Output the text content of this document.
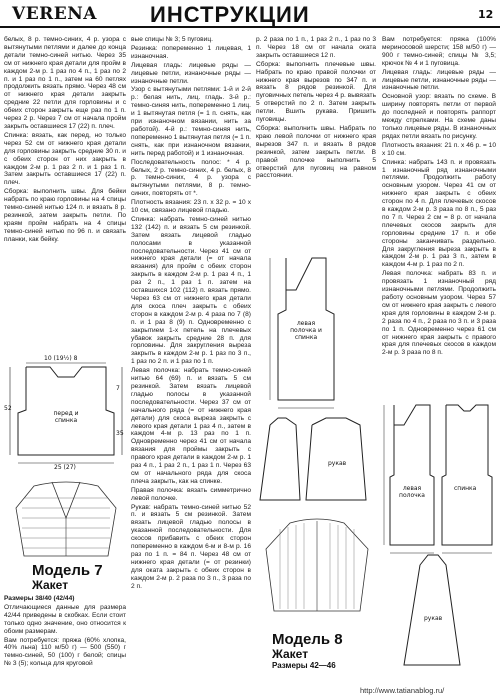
VERENA ИНСТРУКЦИИ	12

белых, 8 р. темно-синих, 4 р. узора с вытянутыми петлями и далее до конца детали темно-синей нитью. Через 35 см от нижнего края детали для пройм в каждом 2-м р. 1 раз по 4 п., 1 раз по 2 п. и 1 раз по 1 п., затем на 60 петлях продолжить вязать прямо. Через 48 см от нижнего края детали закрыть средние 22 петли для горловины и с обеих сторон закрыть еще раз по 1 п. через 2 р. Через 7 см от начала пройм закрыть оставшиеся 17 (22) п. плеч.

Спинка: вязать, как перед, но только через 52 см от нижнего края детали для горловины закрыть средние 30 п. и с обеих сторон от них закрыть в каждом 2-м р. 1 раз 2 п. и 1 раз 1 п. Затем закрыть оставшиеся 17 (22) п. плеч.

Сборка: выполнить швы. Для бейки набрать по краю горловины на 4 спицы темно-синей нитью 124 п. и вязать 8 р. резинкой, затем закрыть петли. По краям пройм набрать на 4 спицы темно-синей нитью по 96 п. и связать планки, как бейку.

10 (19½) 8
перед и спинка
25 (27)
52
35
7
Модель 7
Жакет

Размеры 38/40 (42/44)

Отличающиеся данные для размера 42/44 приведены в скобках. Если стоит только одно значение, оно относится к обоим размерам.

Вам потребуется: пряжа (60% хлопка, 40% льна) 110 м/50 г) — 500 (550) г темно-синей, 50 (100) г белой; спицы № 3 (5); кольца для круговой

вые спицы № 3; 5 пуговиц.

Резинка: попеременно 1 лицевая, 1 изнаночная.

Лицевая гладь: лицевые ряды — лицевые петли, изнаночные ряды — изнаночные петли.

Узор с вытянутыми петлями: 1-й и 2-й р.: белая нить, лиц. гладь. 3-й р.: темно-синяя нить, попеременно 1 лиц. и 1 вытянутая петля (= 1 п. снять, как при изнаночном вязании, нить за работой). 4-й р.: темно-синяя нить, попеременно 1 вытянутая петля (= 1 п. снять, как при изнаночном вязании, нить перед работой) и 1 изнаночная.

Последовательность полос: * 4 р. белых, 2 р. темно-синих, 4 р. белых, 8 р. темно-синих, 4 р. узора с вытянутыми петлями, 8 р. темно-синих, повторять от *.

Плотность вязания: 23 п. x 32 р. = 10 x 10 см, связано лицевой гладью.

Спинка: набрать темно-синей нитью 132 (142) п. и вязать 5 см резинкой. Затем вязать лицевой гладью полосами в указанной последовательности. Через 41 см от нижнего края детали (= от начала вязания) для пройм с обеих сторон закрыть в каждом 2-м р. 1 раз 4 п., 1 раз 2 п., 1 раз 1 п. затем на оставшихся 102 (112) п. вязать прямо. Через 63 см от нижнего края детали для скоса плеч закрыть с обеих сторон в каждом 2-м р. 4 раза по 7 (8) п. и 1 раз 8 (9) п. Одновременно с закрытием 1-х петель на плечевых убавок закрыть средние 28 п. для горловины. Для закругления выреза закрыть в каждом 2-м р. 1 раз по 3 п., 1 раз по 2 п. и 1 раз по 1 п.

Левая полочка: набрать темно-синей нитью 64 (69) п. и вязать 5 см резинкой. Затем вязать лицевой гладью полосы в указанной последовательности. Через 37 см от начального ряда (= от нижнего края детали) для скоса выреза закрыть с левого края детали 1 раз 4 п., затем в каждом 4-м р. 13 раз по 1 п. Одновременно через 41 см от начала вязания для проймы закрыть с правого края детали в каждом 2-м р. 1 раз 4 п., 1 раз 2 п., 1 раз 1 п. Через 63 см от начального ряда для скоса плеча закрыть, как на спинке.

Правая полочка: вязать симметрично левой полочке.

Рукав: набрать темно-синей нитью 52 п. и вязать 5 см резинкой. Затем вязать лицевой гладью полосы в указанной последовательности. Для скосов прибавить с обеих сторон попеременно в каждом 6-м и 8-м р. 16 раз по 1 п. = 84 п. Через 48 см от нижнего края детали (= от резинки) для оката закрыть с обеих сторон в каждом 2-м р. 2 раза по 3 п., 3 раза по 2 п.

р. 2 раза по 1 п., 1 раз 2 п., 1 раз по 3 п. Через 18 см от начала оката закрыть оставшиеся 12 п.

Сборка: выполнить плечевые швы. Набрать по краю правой полочки от нижнего края вырезов по 347 п. и вязать 8 рядов резинкой. Для пуговичных петель через 4 р. вывязать 5 отверстий по 2 п. Затем закрыть петли. Вшить рукава. Пришить пуговицы.

Сборка: выполнить швы. Набрать по краю левой полочки от нижнего края вырезов 347 п. и вязать 8 рядов резинкой, затем закрыть петли. В правой полочке выполнить 5 отверстий для пуговиц на равном расстоянии.

левая полочка и спинка
рукав
Модель 8
Жакет
Размеры 42—46

Вам потребуется: пряжа (100% мериносовой шерсти; 158 м/50 г) — 900 г темно-синей; спицы № 3,5; крючок № 4 и 1 пуговица.

Лицевая гладь: лицевые ряды — лицевые петли, изнаночные ряды — изнаночные петли.

Основной узор: вязать по схеме. В ширину повторять петли от первой до последней и повторять раппорт между стрелками. На схеме даны только лицевые ряды. В изнаночных рядах петли вязать по рисунку.

Плотность вязания: 21 п. x 46 р. = 10 x 10 см.

Спинка: набрать 143 п. и провязать 1 изнаночный ряд изнаночными петлями. Продолжить работу основным узором. Через 41 см от нижнего края закрыть с обеих сторон по 4 п. Для плечевых скосов в каждом 2-м р. 3 раза по 8 п., 5 раз по 7 п. Через 2 см = 8 р. от начала плечевых скосов закрыть для горловины средние 17 п. и обе стороны заканчивать раздельно. Для закругления выреза закрыть в каждом 2-м р. 1 раз 3 п., затем в каждом 4-м р. 1 раз по 2 п.

Левая полочка: набрать 83 п. и провязать 1 изнаночный ряд изнаночными петлями. Продолжить работу основным узором. Через 57 см от нижнего края закрыть с левого края для горловины в каждом 2-м р. 2 раза по 4 п., 2 раза по 3 п. и 3 раза по 1 п. Одновременно через 61 см от нижнего края закрыть с правого края для плечевых скосов в каждом 2-м р. 3 раза по 8 п.

левая полочка
спинка
рукав
http://www.tatianablog.ru/
